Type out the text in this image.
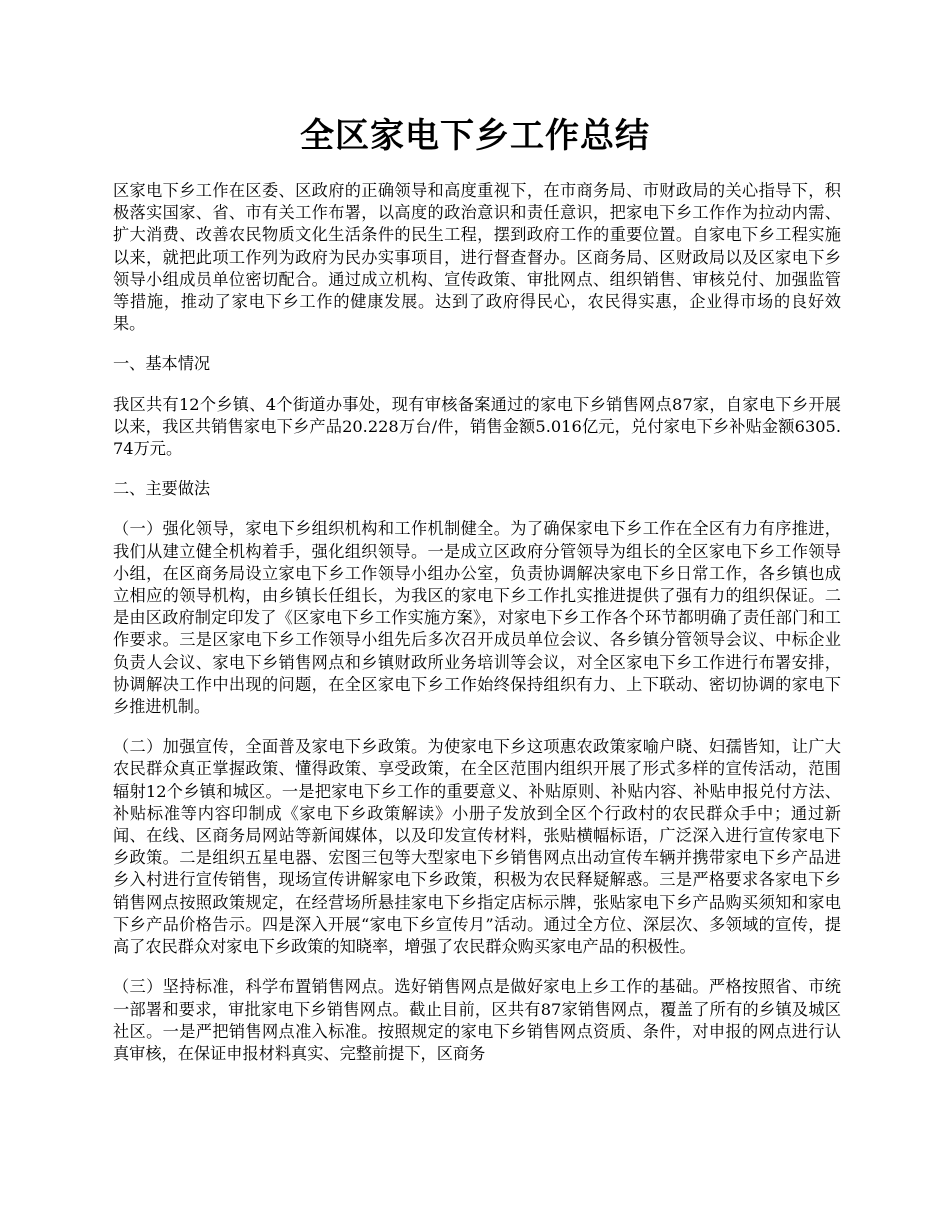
全区家电下乡工作总结

区家电下乡工作在区委、区政府的正确领导和高度重视下，在市商务局、市财政局的关心指导下，积极落实国家、省、市有关工作布署，以高度的政治意识和责任意识，把家电下乡工作作为拉动内需、扩大消费、改善农民物质文化生活条件的民生工程，摆到政府工作的重要位置。自家电下乡工程实施以来，就把此项工作列为政府为民办实事项目，进行督查督办。区商务局、区财政局以及区家电下乡领导小组成员单位密切配合。通过成立机构、宣传政策、审批网点、组织销售、审核兑付、加强监管等措施，推动了家电下乡工作的健康发展。达到了政府得民心，农民得实惠，企业得市场的良好效果。

一、基本情况

我区共有12个乡镇、4个街道办事处，现有审核备案通过的家电下乡销售网点87家，自家电下乡开展以来，我区共销售家电下乡产品20.228万台/件，销售金额5.016亿元，兑付家电下乡补贴金额6305.74万元。

二、主要做法

（一）强化领导，家电下乡组织机构和工作机制健全。为了确保家电下乡工作在全区有力有序推进，我们从建立健全机构着手，强化组织领导。一是成立区政府分管领导为组长的全区家电下乡工作领导小组，在区商务局设立家电下乡工作领导小组办公室，负责协调解决家电下乡日常工作，各乡镇也成立相应的领导机构，由乡镇长任组长，为我区的家电下乡工作扎实推进提供了强有力的组织保证。二是由区政府制定印发了《区家电下乡工作实施方案》，对家电下乡工作各个环节都明确了责任部门和工作要求。三是区家电下乡工作领导小组先后多次召开成员单位会议、各乡镇分管领导会议、中标企业负责人会议、家电下乡销售网点和乡镇财政所业务培训等会议，对全区家电下乡工作进行布署安排，协调解决工作中出现的问题，在全区家电下乡工作始终保持组织有力、上下联动、密切协调的家电下乡推进机制。

（二）加强宣传，全面普及家电下乡政策。为使家电下乡这项惠农政策家喻户晓、妇孺皆知，让广大农民群众真正掌握政策、懂得政策、享受政策，在全区范围内组织开展了形式多样的宣传活动，范围辐射12个乡镇和城区。一是把家电下乡工作的重要意义、补贴原则、补贴内容、补贴申报兑付方法、补贴标准等内容印制成《家电下乡政策解读》小册子发放到全区个行政村的农民群众手中；通过新闻、在线、区商务局网站等新闻媒体，以及印发宣传材料，张贴横幅标语，广泛深入进行宣传家电下乡政策。二是组织五星电器、宏图三包等大型家电下乡销售网点出动宣传车辆并携带家电下乡产品进乡入村进行宣传销售，现场宣传讲解家电下乡政策，积极为农民释疑解惑。三是严格要求各家电下乡销售网点按照政策规定，在经营场所悬挂家电下乡指定店标示牌，张贴家电下乡产品购买须知和家电下乡产品价格告示。四是深入开展“家电下乡宣传月”活动。通过全方位、深层次、多领域的宣传，提高了农民群众对家电下乡政策的知晓率，增强了农民群众购买家电产品的积极性。

（三）坚持标准，科学布置销售网点。选好销售网点是做好家电上乡工作的基础。严格按照省、市统一部署和要求，审批家电下乡销售网点。截止目前，区共有87家销售网点，覆盖了所有的乡镇及城区社区。一是严把销售网点准入标准。按照规定的家电下乡销售网点资质、条件，对申报的网点进行认真审核，在保证申报材料真实、完整前提下，区商务
